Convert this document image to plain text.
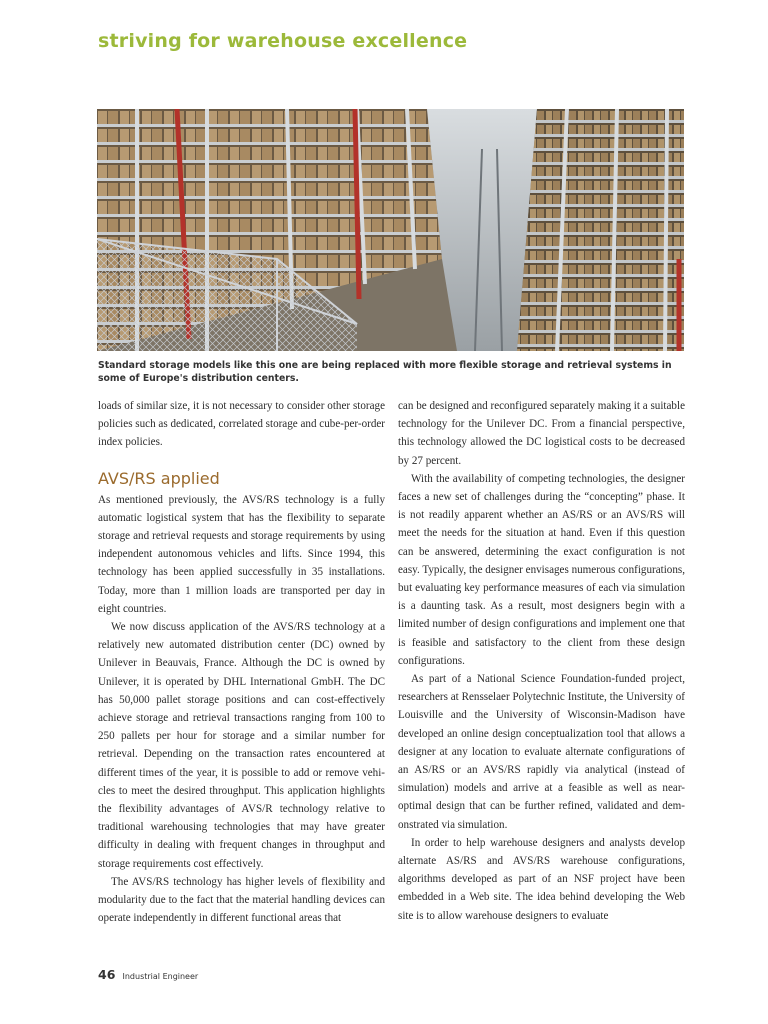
striving for warehouse excellence
Standard storage models like this one are being replaced with more flexible storage and retrieval systems in some of Europe's distribution centers.

loads of similar size, it is not necessary to consider other storage policies such as dedicated, correlated storage and cube-per-order index policies.

AVS/RS applied

As mentioned previously, the AVS/RS technology is a fully automatic logistical system that has the flexibility to separate storage and retrieval requests and storage requirements by using independent autonomous vehicles and lifts. Since 1994, this technology has been applied successfully in 35 installations. Today, more than 1 million loads are transported per day in eight countries.

We now discuss application of the AVS/RS technology at a relatively new automated distribution center (DC) owned by Unilever in Beauvais, France. Although the DC is owned by Unilever, it is operated by DHL International GmbH. The DC has 50,000 pallet storage positions and can cost-effectively achieve storage and retrieval transactions ranging from 100 to 250 pallets per hour for storage and a similar number for retrieval. Depending on the transaction rates encountered at different times of the year, it is possible to add or remove vehicles to meet the desired throughput. This application highlights the flexibility advantages of AVS/R technology relative to traditional warehousing technologies that may have greater difficulty in dealing with frequent changes in throughput and storage requirements cost effectively.

The AVS/RS technology has higher levels of flexibility and modularity due to the fact that the material handling devices can operate independently in different functional areas that

can be designed and reconfigured separately making it a suitable technology for the Unilever DC. From a financial perspective, this technology allowed the DC logistical costs to be decreased by 27 percent.

With the availability of competing technologies, the designer faces a new set of challenges during the “concepting” phase. It is not readily apparent whether an AS/RS or an AVS/RS will meet the needs for the situation at hand. Even if this question can be answered, determining the exact configuration is not easy. Typically, the designer envisages numerous configurations, but evaluating key performance measures of each via simulation is a daunting task. As a result, most designers begin with a limited number of design configurations and implement one that is feasible and satisfactory to the client from these design configurations.

As part of a National Science Foundation-funded project, researchers at Rensselaer Polytechnic Institute, the University of Louisville and the University of Wisconsin-Madison have developed an online design conceptualization tool that allows a designer at any location to evaluate alternate configurations of an AS/RS or an AVS/RS rapidly via analytical (instead of simulation) models and arrive at a feasible as well as near-optimal design that can be further refined, validated and demonstrated via simulation.

In order to help warehouse designers and analysts develop alternate AS/RS and AVS/RS warehouse configurations, algorithms developed as part of an NSF project have been embedded in a Web site. The idea behind developing the Web site is to allow warehouse designers to evaluate

46 Industrial Engineer
